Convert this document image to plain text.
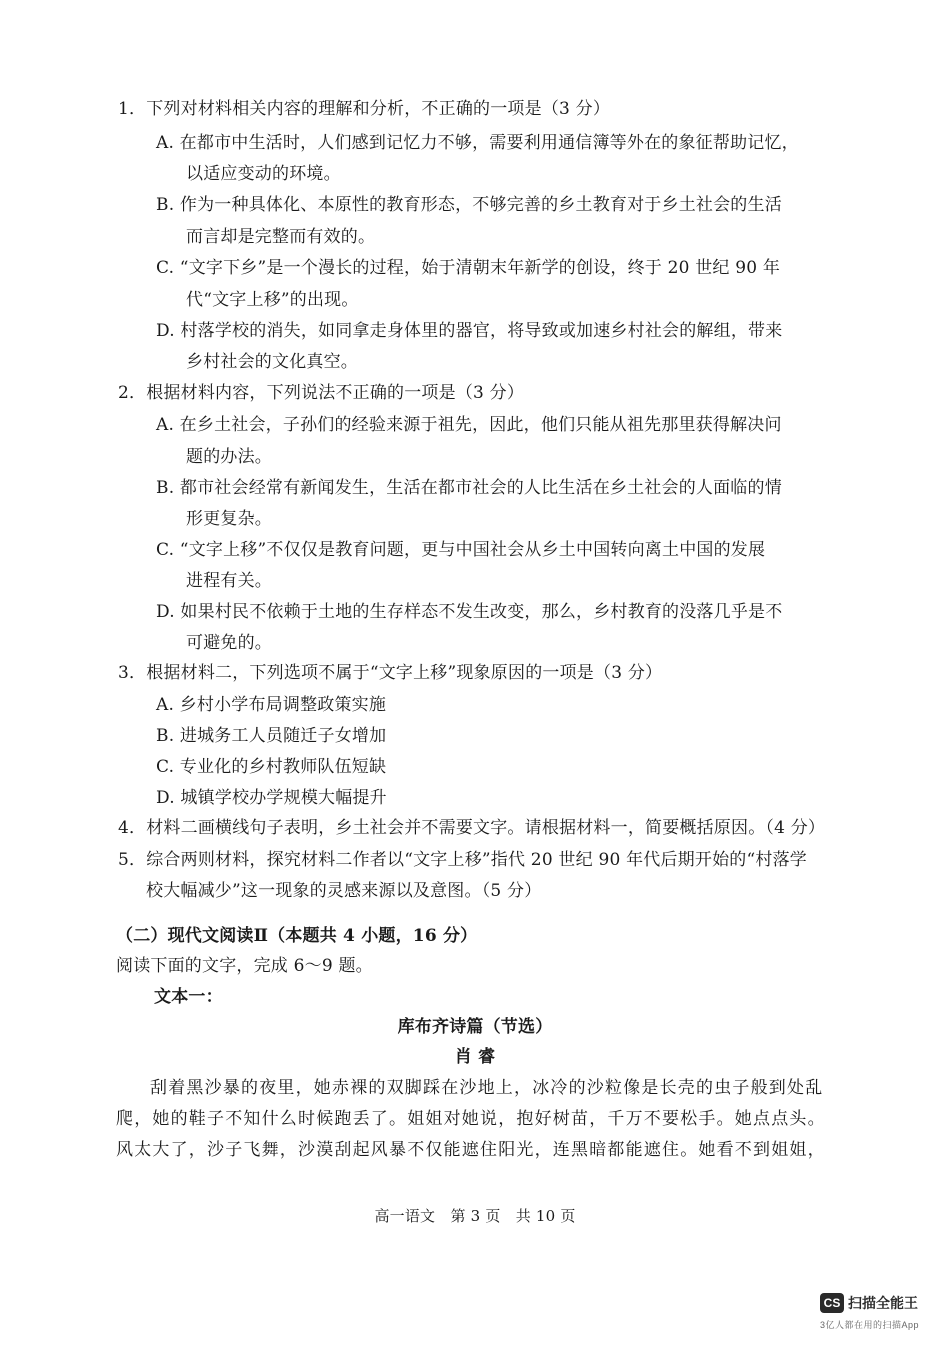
1．下列对材料相关内容的理解和分析，不正确的一项是（3 分）
A. 在都市中生活时，人们感到记忆力不够，需要利用通信簿等外在的象征帮助记忆，
以适应变动的环境。
B. 作为一种具体化、本原性的教育形态，不够完善的乡土教育对于乡土社会的生活
而言却是完整而有效的。
C. “文字下乡”是一个漫长的过程，始于清朝末年新学的创设，终于 20 世纪 90 年
代“文字上移”的出现。
D. 村落学校的消失，如同拿走身体里的器官，将导致或加速乡村社会的解组，带来
乡村社会的文化真空。
2．根据材料内容，下列说法不正确的一项是（3 分）
A. 在乡土社会，子孙们的经验来源于祖先，因此，他们只能从祖先那里获得解决问
题的办法。
B. 都市社会经常有新闻发生，生活在都市社会的人比生活在乡土社会的人面临的情
形更复杂。
C. “文字上移”不仅仅是教育问题，更与中国社会从乡土中国转向离土中国的发展
进程有关。
D. 如果村民不依赖于土地的生存样态不发生改变，那么，乡村教育的没落几乎是不
可避免的。
3．根据材料二，下列选项不属于“文字上移”现象原因的一项是（3 分）
A. 乡村小学布局调整政策实施
B. 进城务工人员随迁子女增加
C. 专业化的乡村教师队伍短缺
D. 城镇学校办学规模大幅提升
4．材料二画横线句子表明，乡土社会并不需要文字。请根据材料一，简要概括原因。（4 分）
5．综合两则材料，探究材料二作者以“文字上移”指代 20 世纪 90 年代后期开始的“村落学
校大幅减少”这一现象的灵感来源以及意图。（5 分）
（二）现代文阅读Ⅱ（本题共 4 小题，16 分）
阅读下面的文字，完成 6～9 题。
文本一：
库布齐诗篇（节选）
肖 睿
刮着黑沙暴的夜里，她赤裸的双脚踩在沙地上，冰冷的沙粒像是长壳的虫子般到处乱
爬，她的鞋子不知什么时候跑丢了。姐姐对她说，抱好树苗，千万不要松手。她点点头。
风太大了，沙子飞舞，沙漠刮起风暴不仅能遮住阳光，连黑暗都能遮住。她看不到姐姐，
高一语文　第 3 页　共 10 页
CS 扫描全能王
3亿人都在用的扫描App
